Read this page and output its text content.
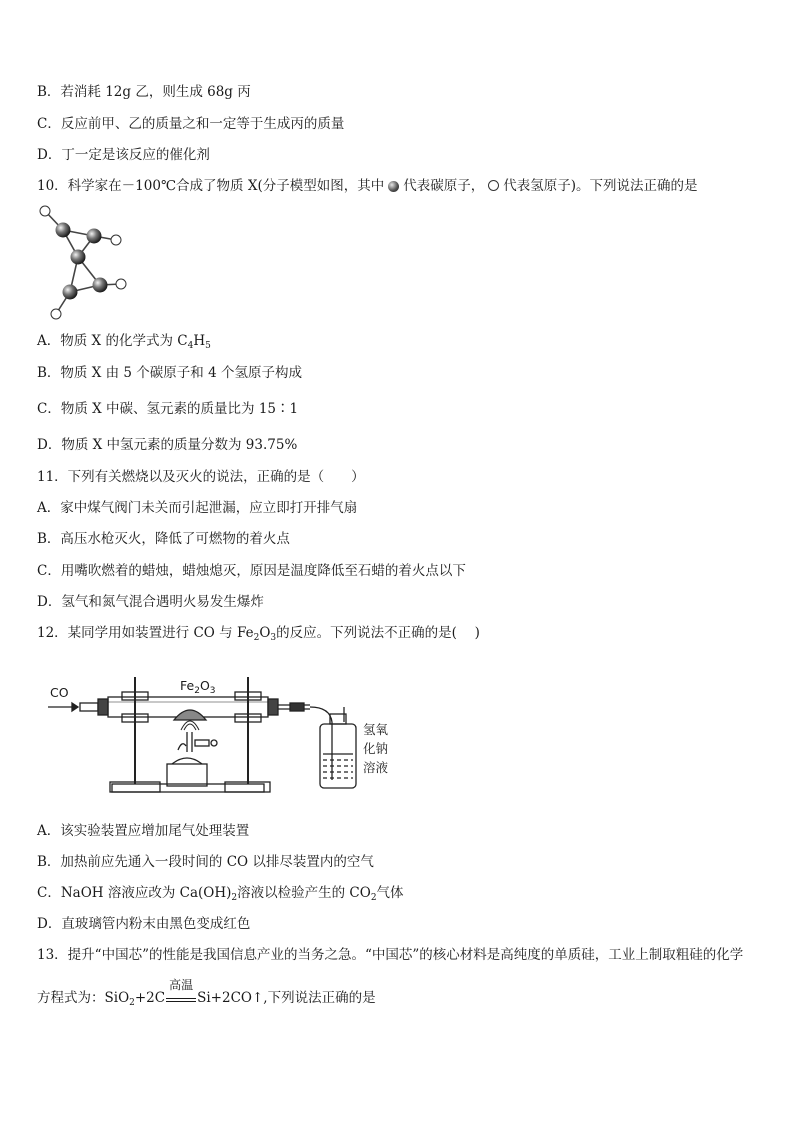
B．若消耗 12g 乙，则生成 68g 丙
C．反应前甲、乙的质量之和一定等于生成丙的质量
D．丁一定是该反应的催化剂
10．科学家在－100℃合成了物质 X(分子模型如图，其中 代表碳原子， 代表氢原子)。下列说法正确的是
A．物质 X 的化学式为 $C_4H_5$
B．物质 X 由 5 个碳原子和 4 个氢原子构成
C．物质 X 中碳、氢元素的质量比为 15∶1
D．物质 X 中氢元素的质量分数为 93.75%
11．下列有关燃烧以及灭火的说法，正确的是（　　）
A．家中煤气阀门未关而引起泄漏，应立即打开排气扇
B．高压水枪灭火，降低了可燃物的着火点
C．用嘴吹燃着的蜡烛，蜡烛熄灭，原因是温度降低至石蜡的着火点以下
D．氢气和氮气混合遇明火易发生爆炸
12．某同学用如装置进行 CO 与 $Fe_2O_3$的反应。下列说法不正确的是(　 )
CO	$Fe_2O_3$
氢氧
化钠
溶液
A．该实验装置应增加尾气处理装置
B．加热前应先通入一段时间的 CO 以排尽装置内的空气
C．NaOH 溶液应改为 $Ca(OH)_2$溶液以检验产生的 $CO_2$气体
D．直玻璃管内粉末由黑色变成红色
13．提升“中国芯”的性能是我国信息产业的当务之急。“中国芯”的核心材料是高纯度的单质硅，工业上制取粗硅的化学
方程式为：SiO$_2$+2C
高温
Si+2CO↑,下列说法正确的是
